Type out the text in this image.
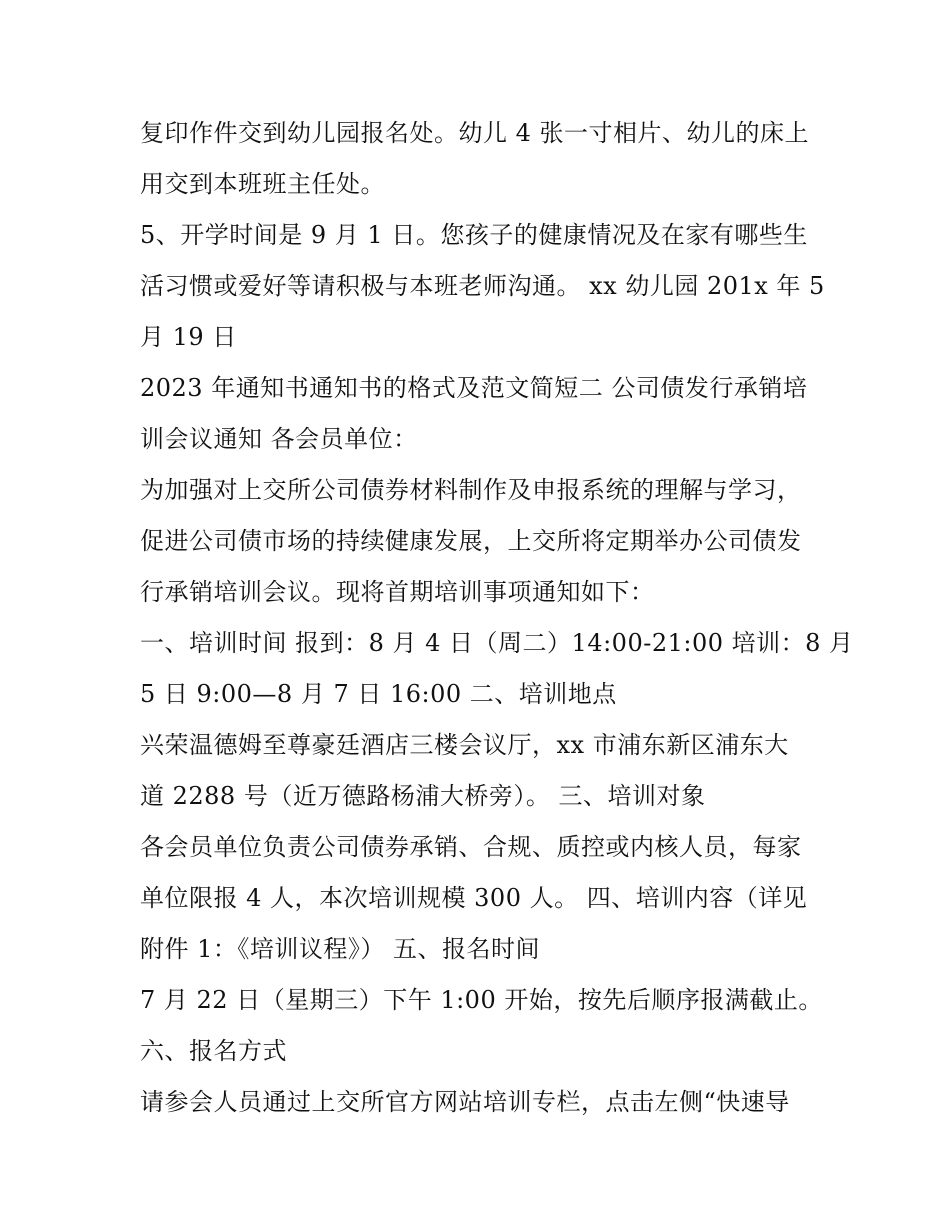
复印作件交到幼儿园报名处。幼儿 4 张一寸相片、幼儿的床上
用交到本班班主任处。
5、开学时间是 9 月 1 日。您孩子的健康情况及在家有哪些生
活习惯或爱好等请积极与本班老师沟通。 xx 幼儿园 201x 年 5
月 19 日
2023 年通知书通知书的格式及范文简短二 公司债发行承销培
训会议通知 各会员单位：
为加强对上交所公司债券材料制作及申报系统的理解与学习，
促进公司债市场的持续健康发展，上交所将定期举办公司债发
行承销培训会议。现将首期培训事项通知如下：
一、培训时间 报到：8 月 4 日（周二）14:00-21:00 培训：8 月
5 日 9:00—8 月 7 日 16:00 二、培训地点
兴荣温德姆至尊豪廷酒店三楼会议厅，xx 市浦东新区浦东大
道 2288 号（近万德路杨浦大桥旁）。 三、培训对象
各会员单位负责公司债券承销、合规、质控或内核人员，每家
单位限报 4 人，本次培训规模 300 人。 四、培训内容（详见
附件 1：《培训议程》） 五、报名时间
7 月 22 日（星期三）下午 1:00 开始，按先后顺序报满截止。
六、报名方式
请参会人员通过上交所官方网站培训专栏，点击左侧“快速导
